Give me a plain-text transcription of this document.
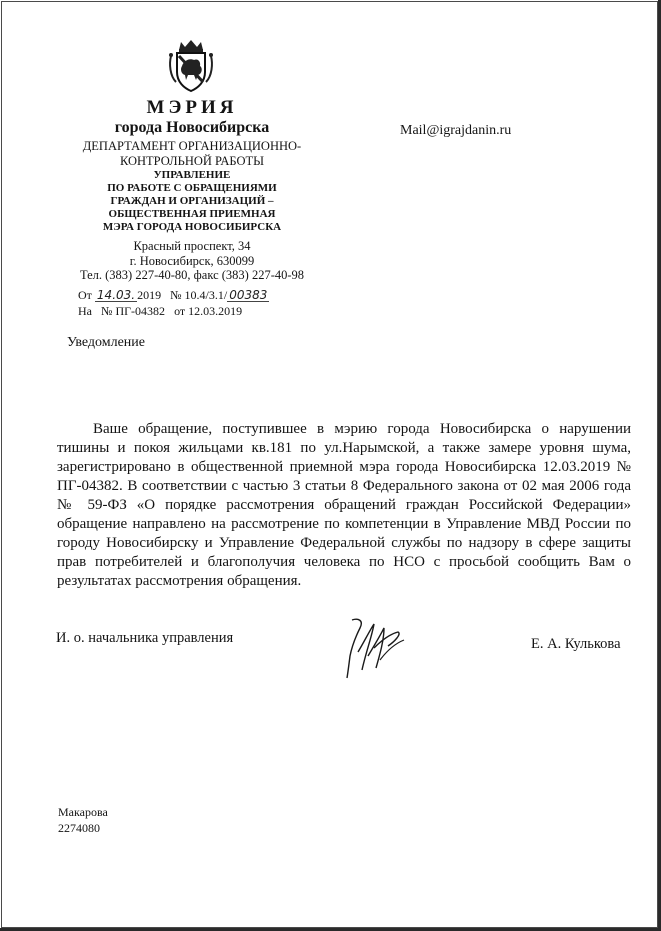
МЭРИЯ
города Новосибирска
ДЕПАРТАМЕНТ ОРГАНИЗАЦИОННО-
КОНТРОЛЬНОЙ РАБОТЫ
УПРАВЛЕНИЕ
ПО РАБОТЕ С ОБРАЩЕНИЯМИ
ГРАЖДАН И ОРГАНИЗАЦИЙ –
ОБЩЕСТВЕННАЯ ПРИЕМНАЯ
МЭРА ГОРОДА НОВОСИБИРСКА
Красный проспект, 34
г. Новосибирск, 630099
Тел. (383) 227-40-80, факс (383) 227-40-98
Mail@igrajdanin.ru
От 14.03. 2019 № 10.4/3.1/ 00383
На № ПГ-04382 от 12.03.2019
Уведомление

Ваше обращение, поступившее в мэрию города Новосибирска о нарушении тишины и покоя жильцами кв.181 по ул.Нарымской, а также замере уровня шума, зарегистрировано в общественной приемной мэра города Новосибирска 12.03.2019 № ПГ-04382. В соответствии с частью 3 статьи 8 Федерального закона от 02 мая 2006 года № 59-ФЗ «О порядке рассмотрения обращений граждан Российской Федерации» обращение направлено на рассмотрение по компетенции в Управление МВД России по городу Новосибирску и Управление Федеральной службы по надзору в сфере защиты прав потребителей и благополучия человека по НСО с просьбой сообщить Вам о результатах рассмотрения обращения.

И. о. начальника управления	Е. А. Кулькова
Макарова
2274080
